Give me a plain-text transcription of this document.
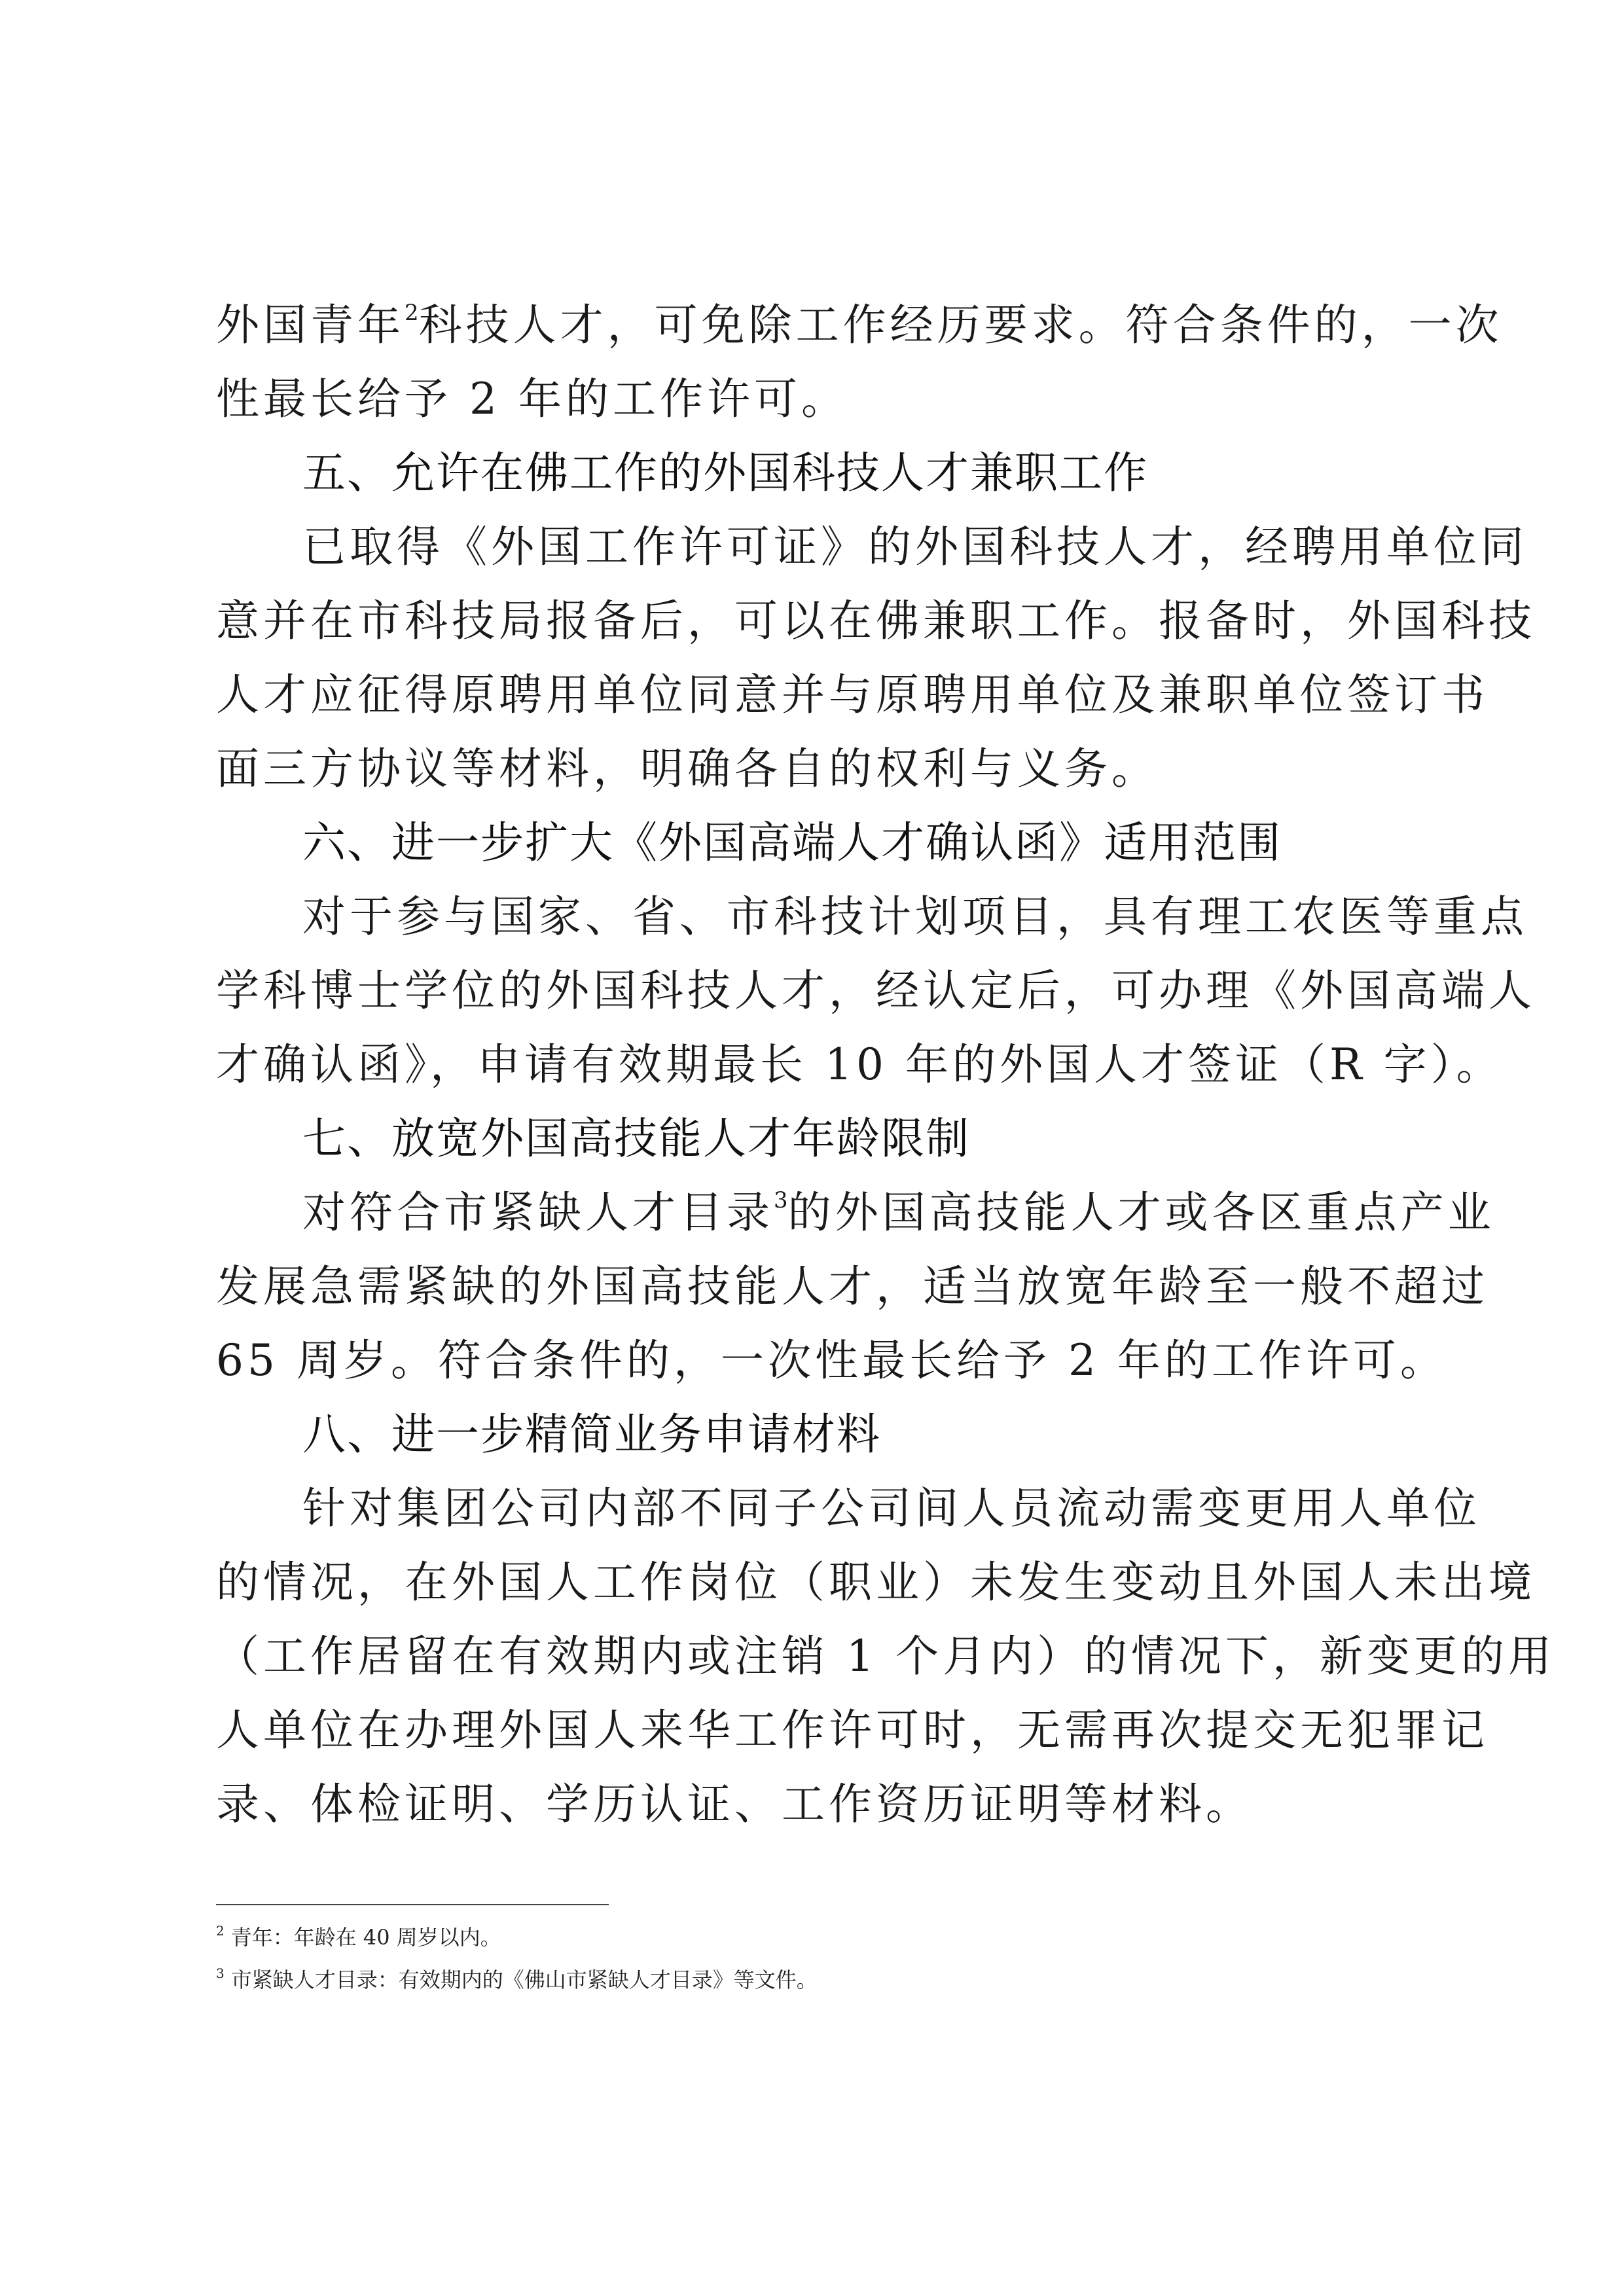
外国青年$^2$科技人才，可免除工作经历要求。符合条件的，一次
性最长给予 2 年的工作许可。
五、允许在佛工作的外国科技人才兼职工作
已取得《外国工作许可证》的外国科技人才，经聘用单位同
意并在市科技局报备后，可以在佛兼职工作。报备时，外国科技
人才应征得原聘用单位同意并与原聘用单位及兼职单位签订书
面三方协议等材料，明确各自的权利与义务。
六、进一步扩大《外国高端人才确认函》适用范围
对于参与国家、省、市科技计划项目，具有理工农医等重点
学科博士学位的外国科技人才，经认定后，可办理《外国高端人
才确认函》，申请有效期最长 10 年的外国人才签证（R 字）。
七、放宽外国高技能人才年龄限制
对符合市紧缺人才目录$^3$的外国高技能人才或各区重点产业
发展急需紧缺的外国高技能人才，适当放宽年龄至一般不超过
65 周岁。符合条件的，一次性最长给予 2 年的工作许可。
八、进一步精简业务申请材料
针对集团公司内部不同子公司间人员流动需变更用人单位
的情况，在外国人工作岗位（职业）未发生变动且外国人未出境
（工作居留在有效期内或注销 1 个月内）的情况下，新变更的用
人单位在办理外国人来华工作许可时，无需再次提交无犯罪记
录、体检证明、学历认证、工作资历证明等材料。
$^2$ 青年：年龄在 40 周岁以内。
$^3$ 市紧缺人才目录：有效期内的《佛山市紧缺人才目录》等文件。
